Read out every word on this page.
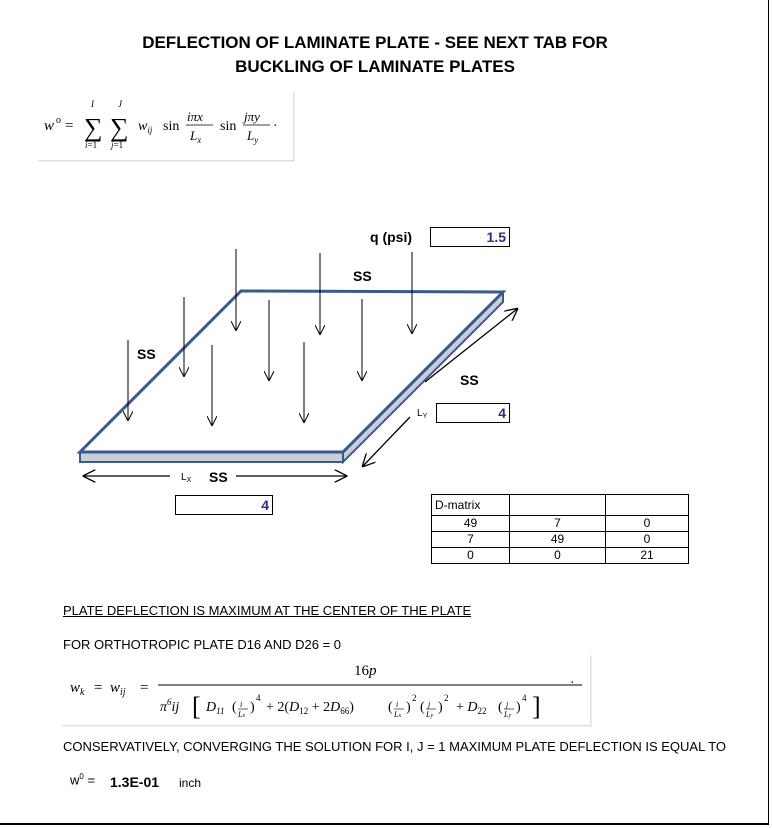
DEFLECTION OF LAMINATE PLATE - SEE NEXT TAB FOR
BUCKLING OF LAMINATE PLATES
w o = ∑
I
i=1
∑
J
j=1
$w_{ij}$ sin
iπx
$L_x$
sin
jπy
$L_y$
·
q (psi)	1.5
SS
SS
SS
SS
$L_X$
4
$L_Y$	4
D-matrix		
49	7	0
7	49	0
0	0	21
PLATE DEFLECTION IS MAXIMUM AT THE CENTER OF THE PLATE
FOR ORTHOTROPIC PLATE D16 AND D26 = 0
$w_k = w_{ij}$ =
16p
$\pi^6ij$ [ $D_{11}$ ( i
Lx
)
4
+ $2(D_{12} + 2D_{66})$ ( i
Lx
)
2
( j
Ly
)
2
+ $D_{22}$ ( j
Ly
)
4 ]
·
CONSERVATIVELY, CONVERGING THE SOLUTION FOR I, J = 1 MAXIMUM PLATE DEFLECTION IS EQUAL TO
$w^0 = 1.3E-01$ inch
